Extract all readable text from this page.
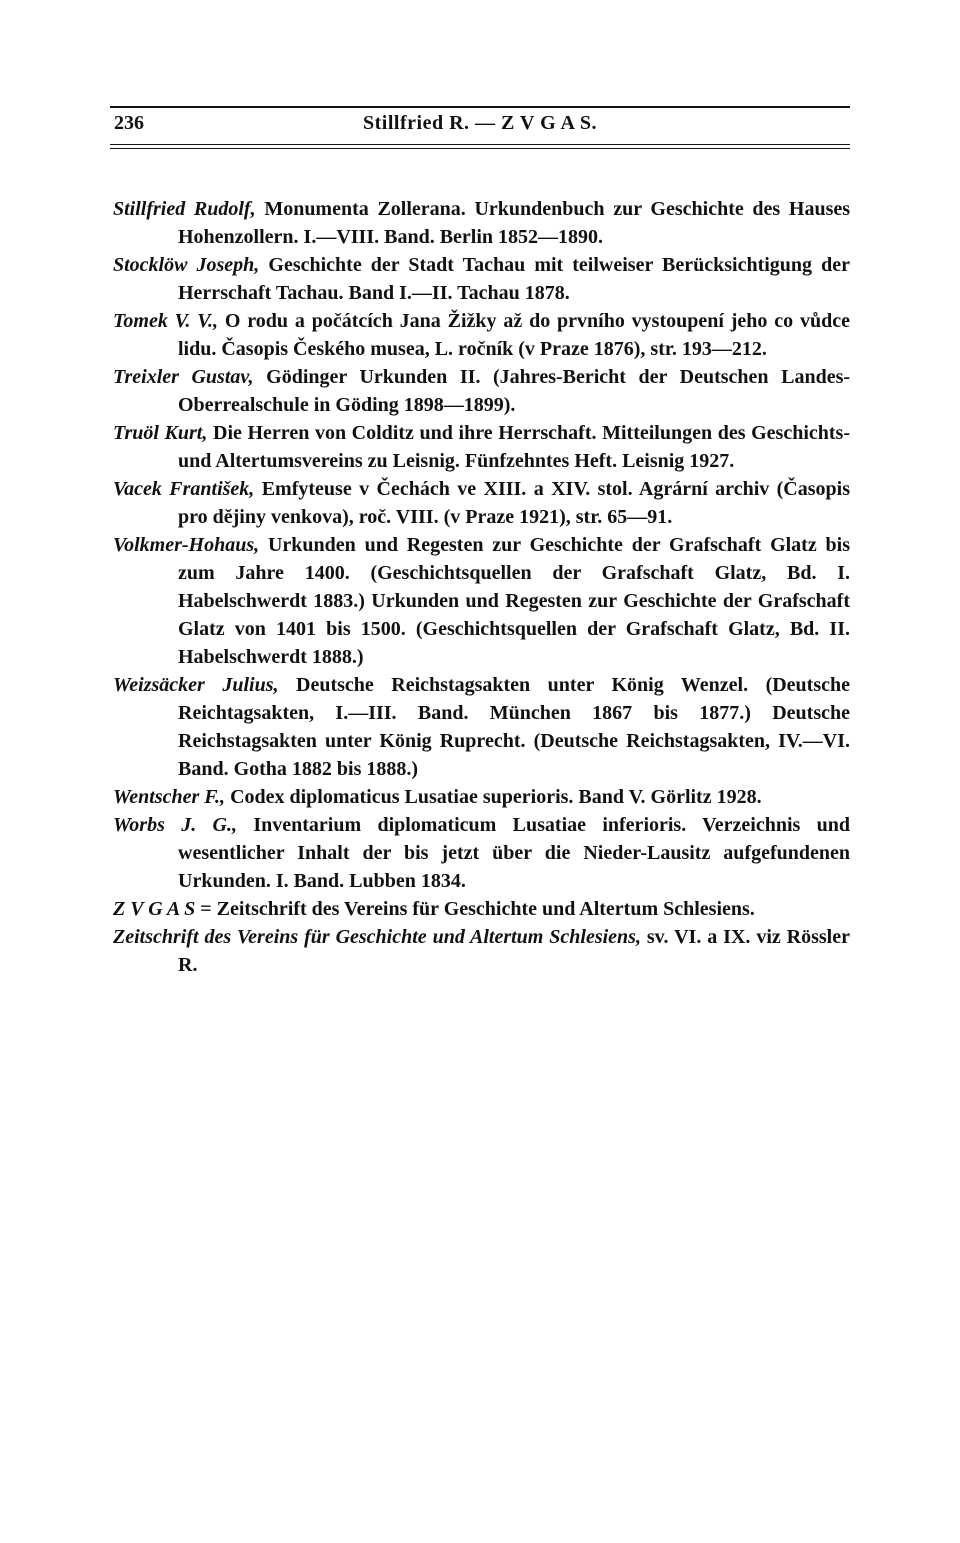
236	Stillfried R. — Z V G A S.

Stillfried Rudolf, Monumenta Zollerana. Urkundenbuch zur Geschichte des Hauses Hohenzollern. I.—VIII. Band. Berlin 1852—1890.

Stocklöw Joseph, Geschichte der Stadt Tachau mit teilweiser Berücksichtigung der Herrschaft Tachau. Band I.—II. Tachau 1878.

Tomek V. V., O rodu a počátcích Jana Žižky až do prvního vystoupení jeho co vůdce lidu. Časopis Českého musea, L. ročník (v Praze 1876), str. 193—212.

Treixler Gustav, Gödinger Urkunden II. (Jahres-Bericht der Deutschen Landes-Oberrealschule in Göding 1898—1899).

Truöl Kurt, Die Herren von Colditz und ihre Herrschaft. Mitteilungen des Geschichts- und Altertumsvereins zu Leisnig. Fünfzehntes Heft. Leisnig 1927.

Vacek František, Emfyteuse v Čechách ve XIII. a XIV. stol. Agrární archiv (Časopis pro dějiny venkova), roč. VIII. (v Praze 1921), str. 65—91.

Volkmer-Hohaus, Urkunden und Regesten zur Geschichte der Grafschaft Glatz bis zum Jahre 1400. (Geschichtsquellen der Grafschaft Glatz, Bd. I. Habelschwerdt 1883.) Urkunden und Regesten zur Geschichte der Grafschaft Glatz von 1401 bis 1500. (Geschichtsquellen der Grafschaft Glatz, Bd. II. Habelschwerdt 1888.)

Weizsäcker Julius, Deutsche Reichstagsakten unter König Wenzel. (Deutsche Reichtagsakten, I.—III. Band. München 1867 bis 1877.) Deutsche Reichstagsakten unter König Ruprecht. (Deutsche Reichstagsakten, IV.—VI. Band. Gotha 1882 bis 1888.)

Wentscher F., Codex diplomaticus Lusatiae superioris. Band V. Görlitz 1928.

Worbs J. G., Inventarium diplomaticum Lusatiae inferioris. Verzeichnis und wesentlicher Inhalt der bis jetzt über die Nieder-Lausitz aufgefundenen Urkunden. I. Band. Lubben 1834.

Z V G A S = Zeitschrift des Vereins für Geschichte und Altertum Schlesiens.

Zeitschrift des Vereins für Geschichte und Altertum Schlesiens, sv. VI. a IX. viz Rössler R.
